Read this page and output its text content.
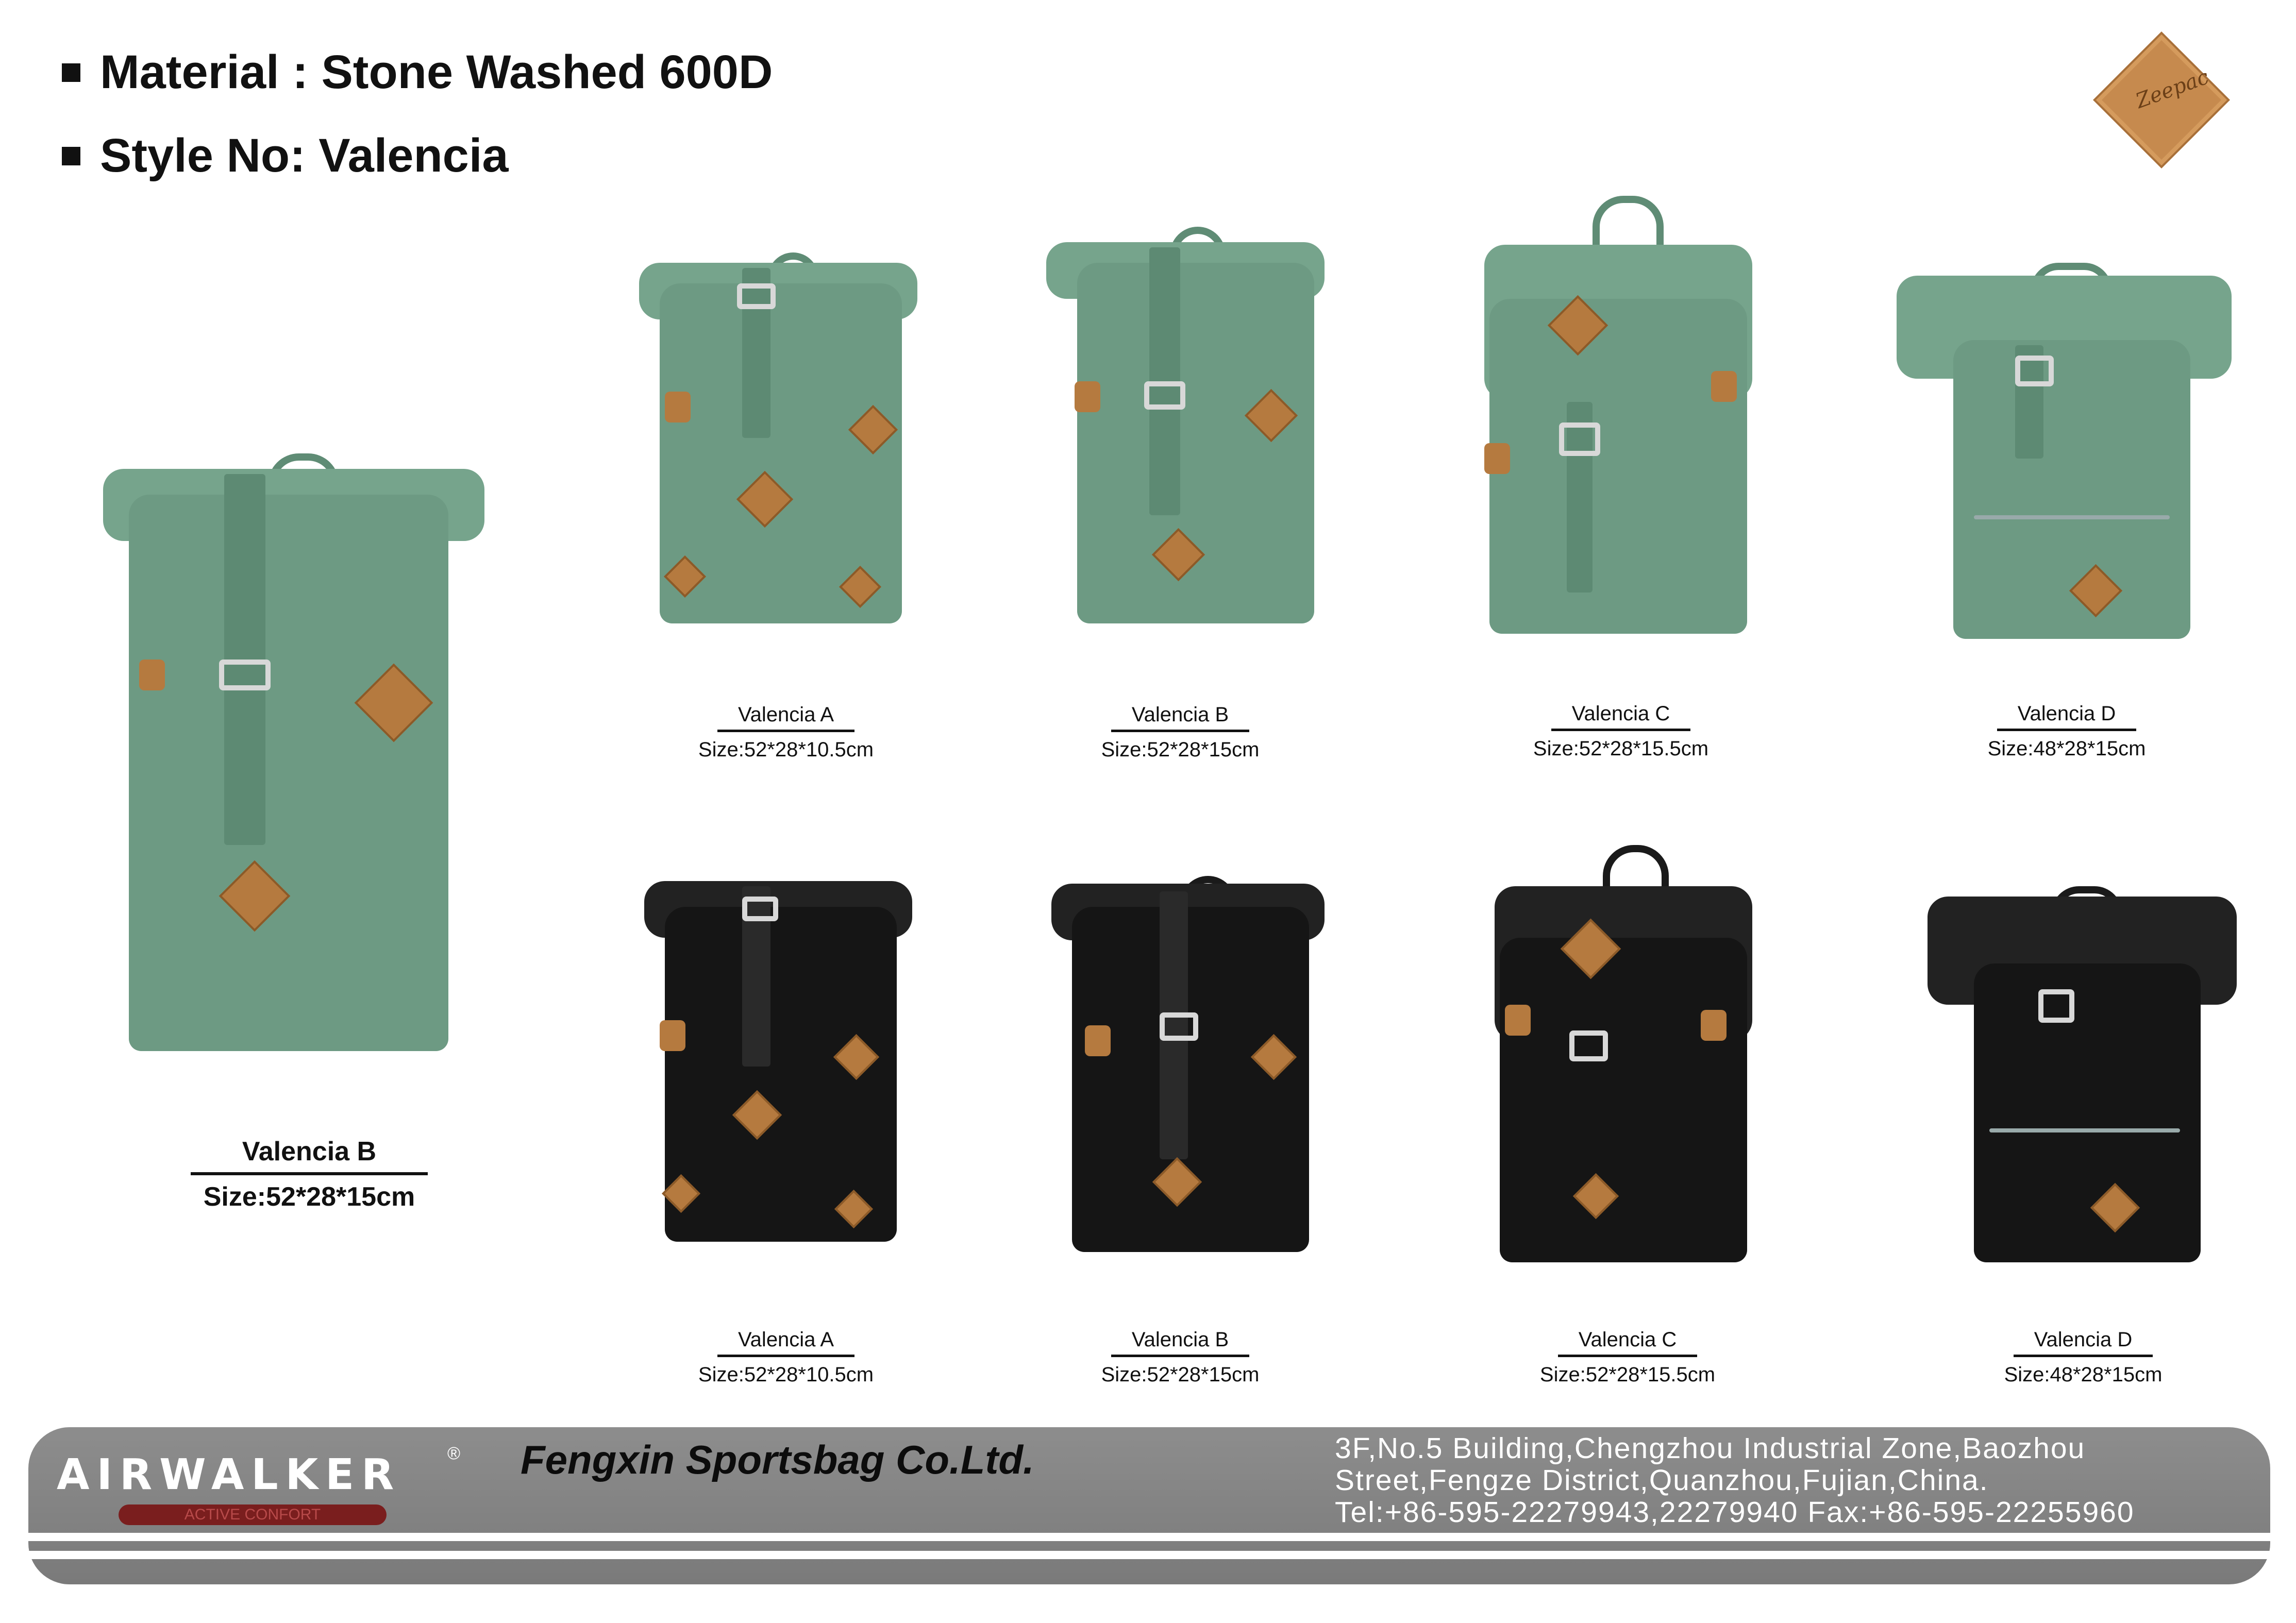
Material : Stone Washed 600D
Style No: Valencia
Zeepac
Valencia B
Size:52*28*15cm
Valencia A
Size:52*28*10.5cm
Valencia B
Size:52*28*15cm
Valencia C
Size:52*28*15.5cm
Valencia D
Size:48*28*15cm
Valencia A
Size:52*28*10.5cm
Valencia B
Size:52*28*15cm
Valencia C
Size:52*28*15.5cm
Valencia D
Size:48*28*15cm
AIRWALKER	®
ACTIVE CONFORT
Fengxin Sportsbag Co.Ltd.	3F,No.5 Building,Chengzhou Industrial Zone,Baozhou
Street,Fengze District,Quanzhou,Fujian,China.
Tel:+86-595-22279943,22279940 Fax:+86-595-22255960
